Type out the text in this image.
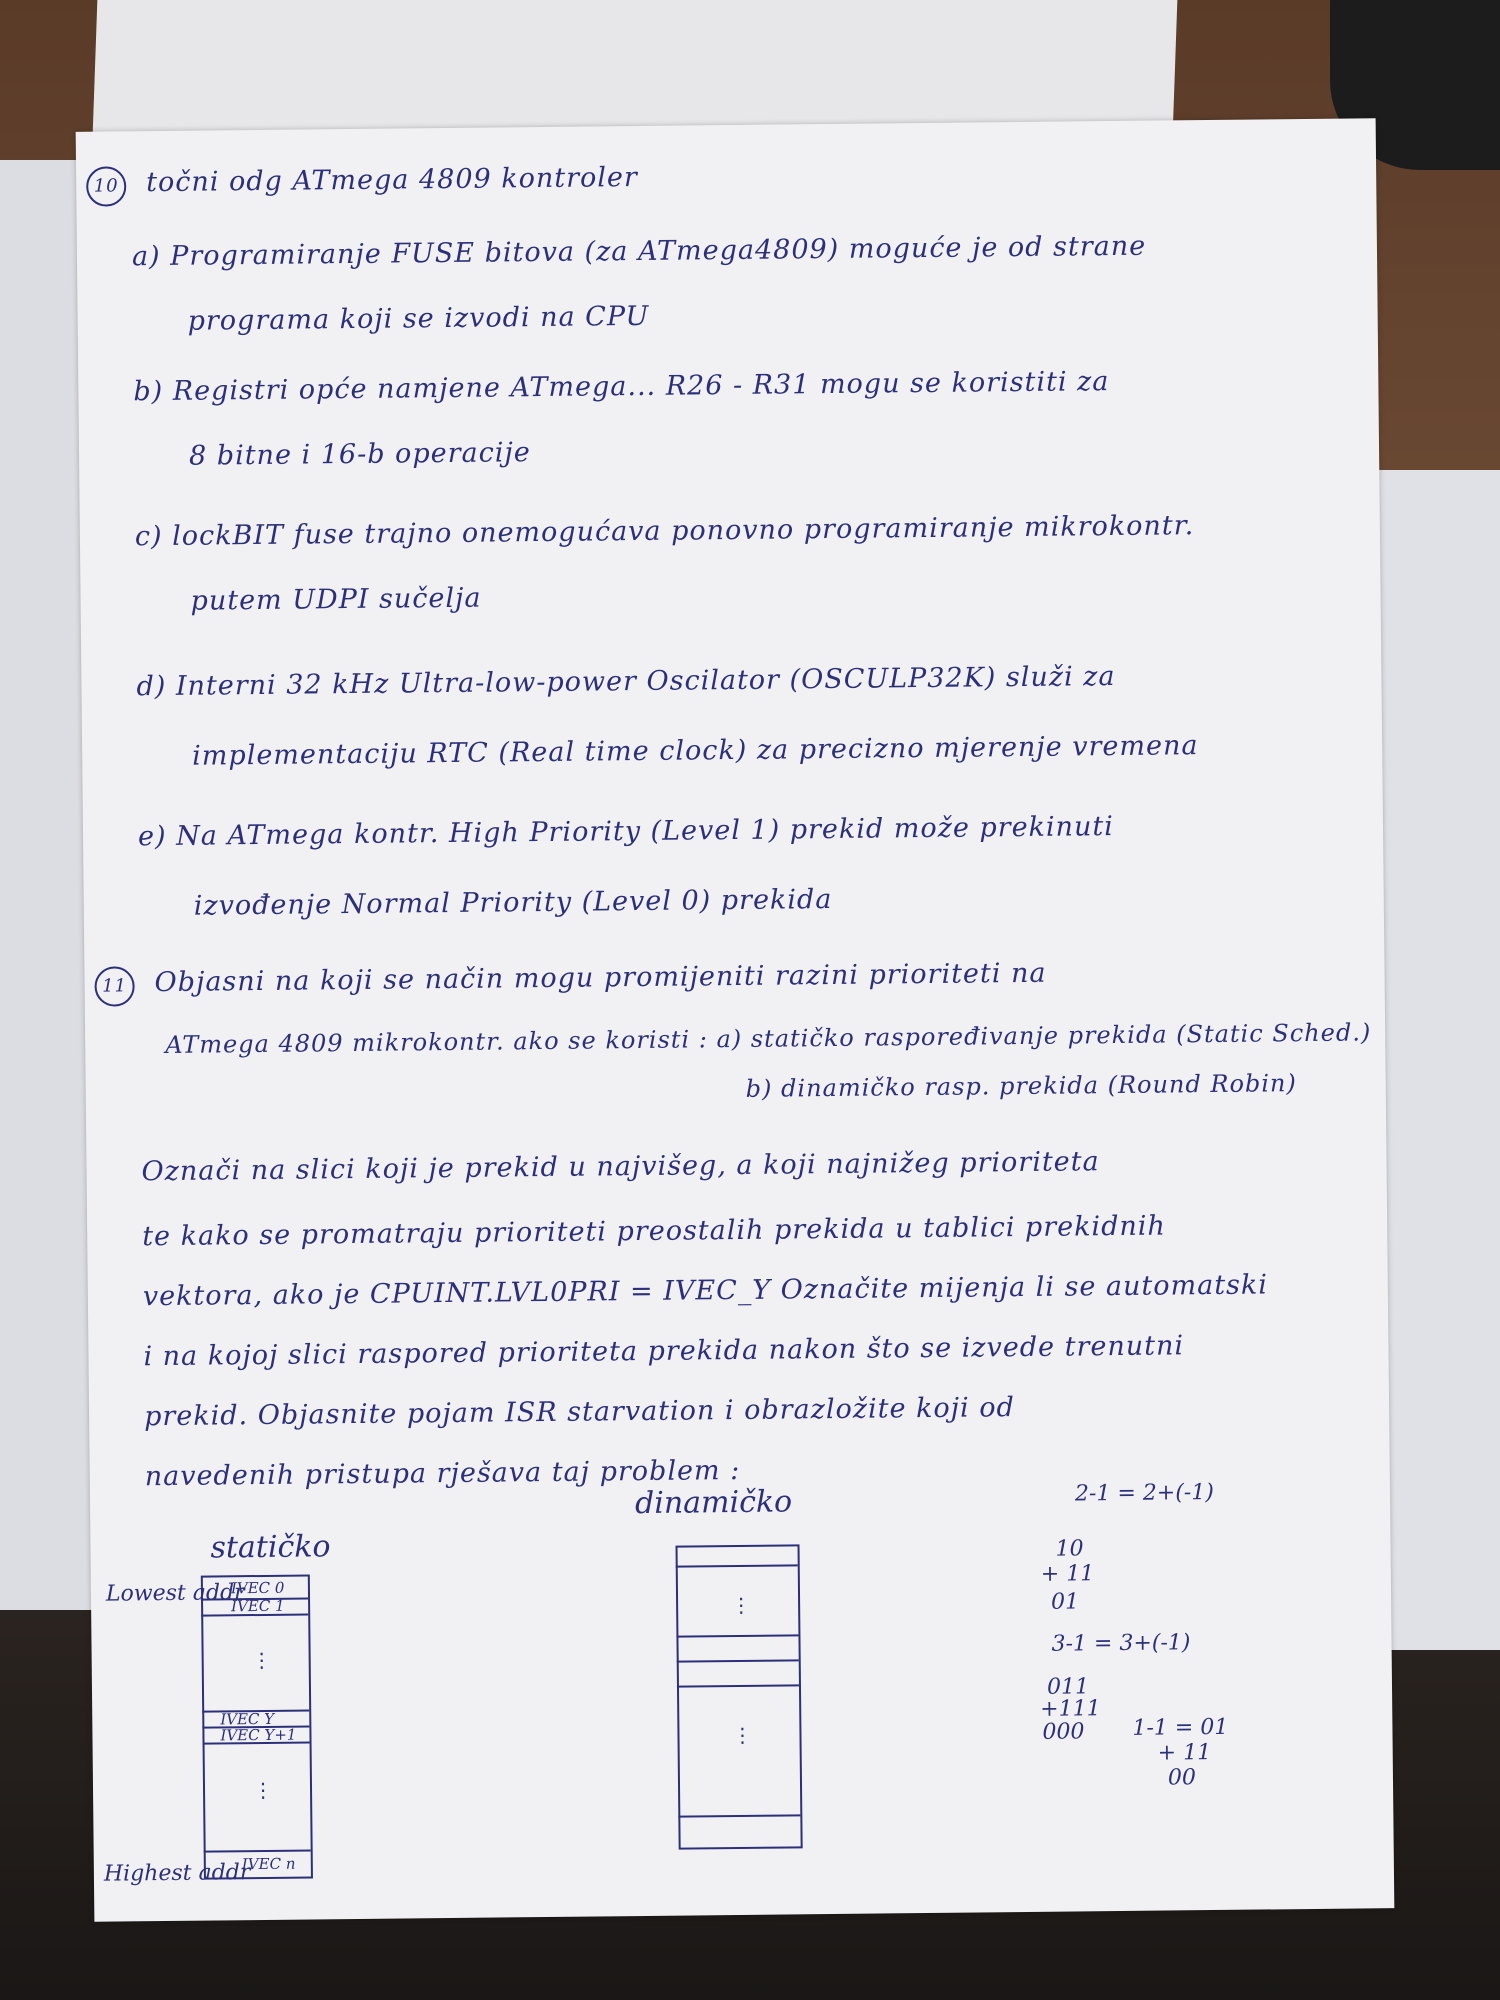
10 točni odg ATmega 4809 kontroler

a) Programiranje FUSE bitova (za ATmega4809) moguće je od strane

programa koji se izvodi na CPU

b) Registri opće namjene ATmega... R26 - R31 mogu se koristiti za

8 bitne i 16-b operacije

c) lockBIT fuse trajno onemogućava ponovno programiranje mikrokontr.

putem UDPI sučelja

d) Interni 32 kHz Ultra-low-power Oscilator (OSCULP32K) služi za

implementaciju RTC (Real time clock) za precizno mjerenje vremena

e) Na ATmega kontr. High Priority (Level 1) prekid može prekinuti

izvođenje Normal Priority (Level 0) prekida

11 Objasni na koji se način mogu promijeniti razini prioriteti na

ATmega 4809 mikrokontr. ako se koristi : a) statičko raspoređivanje prekida (Static Sched.)

b) dinamičko rasp. prekida (Round Robin)

Označi na slici koji je prekid u najvišeg, a koji najnižeg prioriteta

te kako se promatraju prioriteti preostalih prekida u tablici prekidnih

vektora, ako je CPUINT.LVL0PRI = IVEC_Y Označite mijenja li se automatski

i na kojoj slici raspored prioriteta prekida nakon što se izvede trenutni

prekid. Objasnite pojam ISR starvation i obrazložite koji od

navedenih pristupa rješava taj problem :

statičko
Lowest addr
Highest addr
IVEC 0
IVEC 1
IVEC Y
IVEC Y+1
IVEC n
⋮
⋮
dinamičko
⋮
⋮
2-1 = 2+(-1)
10
+ 11
01
3-1 = 3+(-1)
011
+111
000 1-1 = 01
+ 11
00
